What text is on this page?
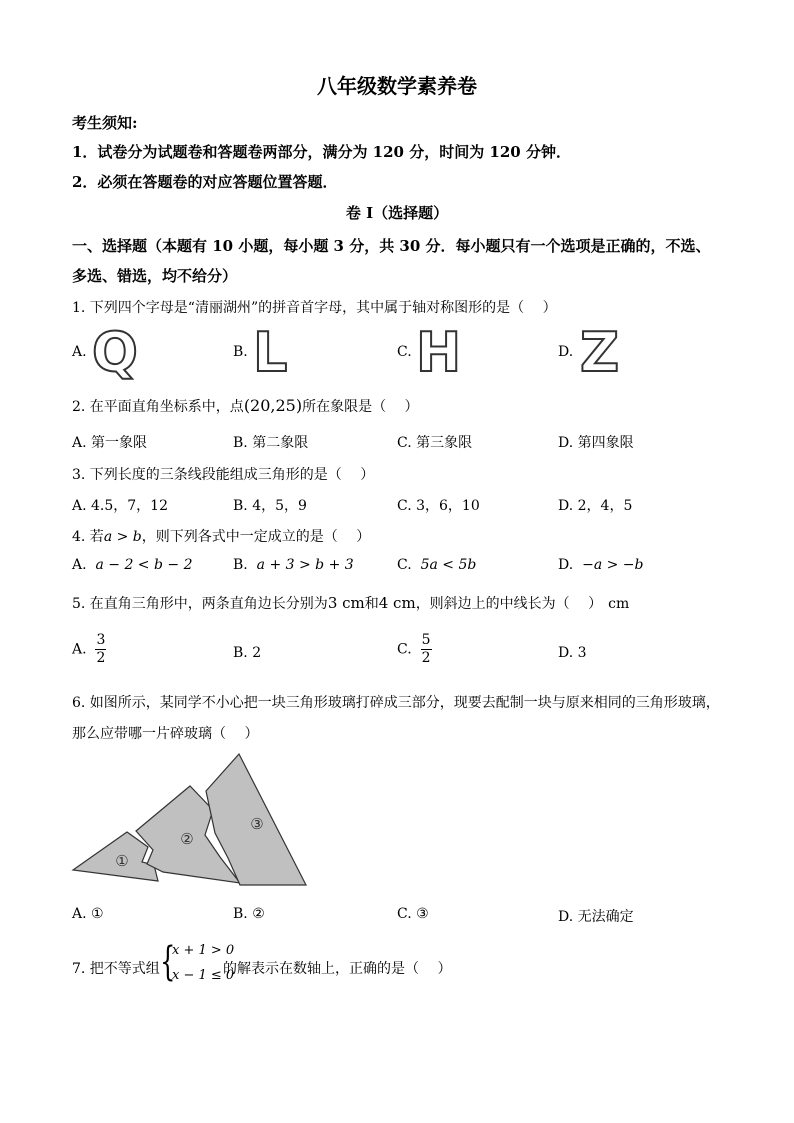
八年级数学素养卷
考生须知:
1．试卷分为试题卷和答题卷两部分，满分为 120 分，时间为 120 分钟．
2．必须在答题卷的对应答题位置答题．
卷 I（选择题）
一、选择题（本题有 10 小题，每小题 3 分，共 30 分．每小题只有一个选项是正确的，不选、
多选、错选，均不给分）
1. 下列四个字母是“清丽湖州”的拼音首字母，其中属于轴对称图形的是（　 ）
A. Q	B. L	C. H	D. Z
2. 在平面直角坐标系中，点(20,25)所在象限是（　 ）
A. 第一象限	B. 第二象限	C. 第三象限	D. 第四象限
3. 下列长度的三条线段能组成三角形的是（　 ）
A. 4.5，7，12	B. 4，5，9	C. 3，6，10	D. 2，4，5
4. 若a > b，则下列各式中一定成立的是（　 ）
A. a − 2 < b − 2	B. a + 3 > b + 3	C. 5a < 5b	D. −a > −b
5. 在直角三角形中，两条直角边长分别为3 cm和4 cm，则斜边上的中线长为（　 ） cm
A. $\frac{3}{2}$	B. 2	C. $\frac{5}{2}$	D. 3
6. 如图所示，某同学不小心把一块三角形玻璃打碎成三部分，现要去配制一块与原来相同的三角形玻璃，
那么应带哪一片碎玻璃（　 ）
①
②
③
A. ①	B. ②	C. ③	D. 无法确定
7. 把不等式组 {
x + 1 > 0
x − 1 ≤ 0
的解表示在数轴上，正确的是（　 ）
